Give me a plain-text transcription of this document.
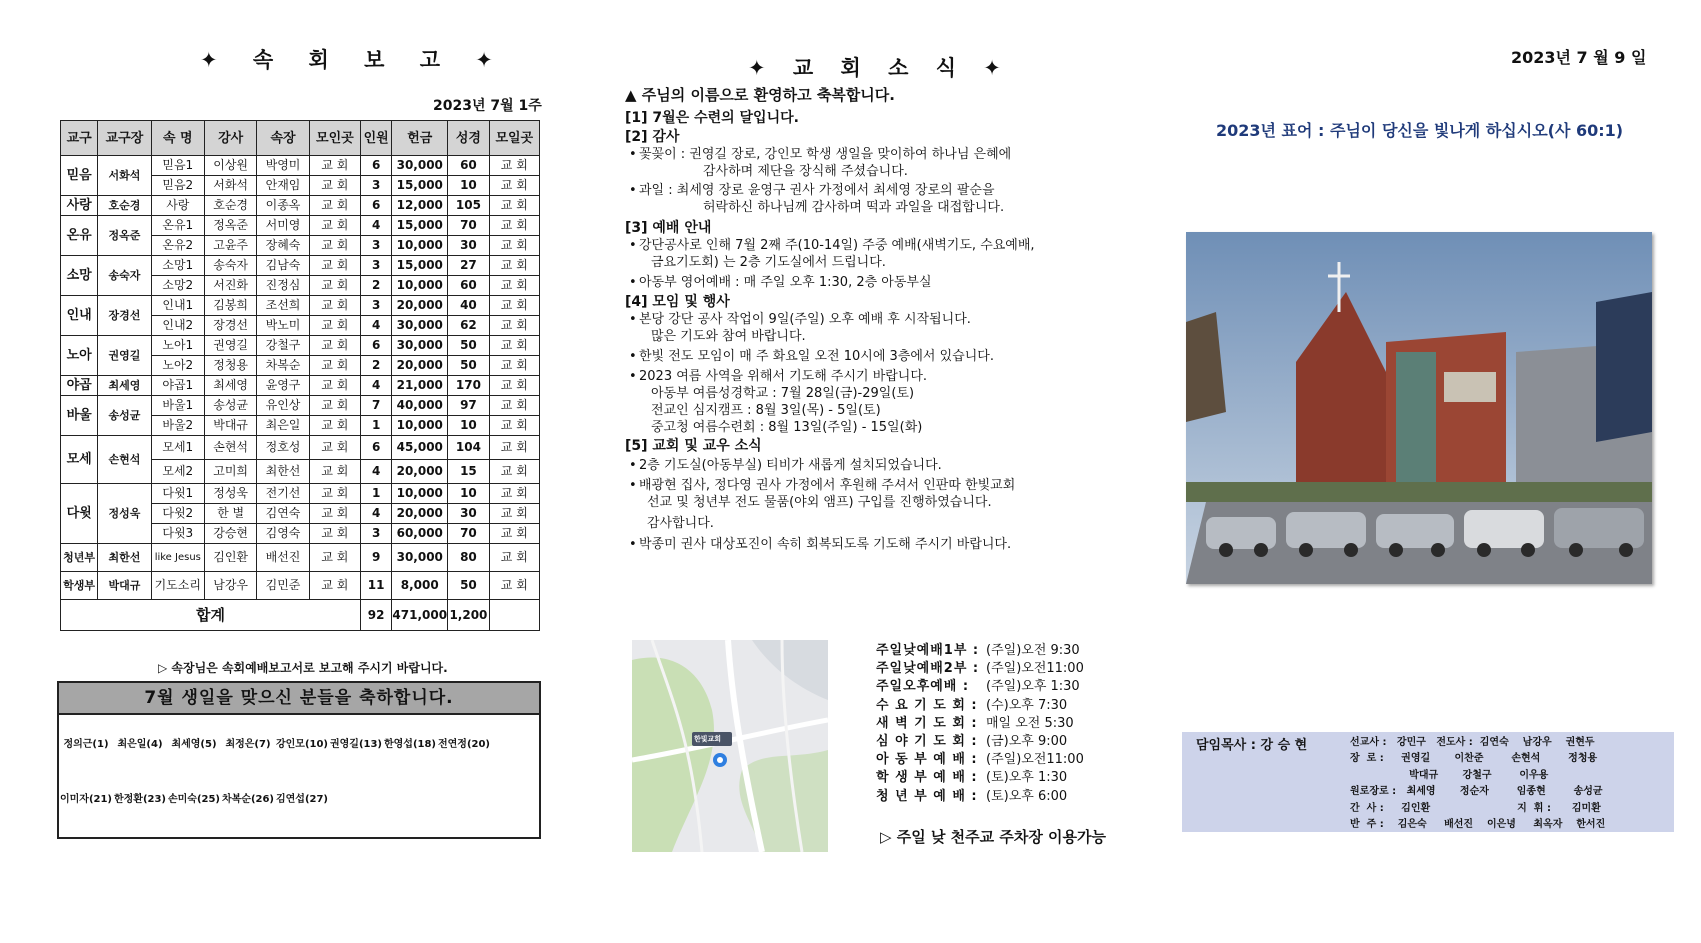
✦ 속 회 보 고 ✦
2023년 7월 1주
교구	교구장	속 명	강사	속장	모인곳	인원	헌금	성경	모일곳
믿음	서화석	믿음1	이상원	박영미	교 회	6	30,000	60	교 회
		믿음2	서화석	안재임	교 회	3	15,000	10	교 회
사랑	호순경	사랑	호순경	이종옥	교 회	6	12,000	105	교 회
온유	정옥준	온유1	정옥준	서미영	교 회	4	15,000	70	교 회
		온유2	고윤주	장혜숙	교 회	3	10,000	30	교 회
소망	송숙자	소망1	송숙자	김남숙	교 회	3	15,000	27	교 회
		소망2	서진화	진정심	교 회	2	10,000	60	교 회
인내	장경선	인내1	김봉희	조선희	교 회	3	20,000	40	교 회
		인내2	장경선	박노미	교 회	4	30,000	62	교 회
노아	권영길	노아1	권영길	강철구	교 회	6	30,000	50	교 회
		노아2	정청용	차복순	교 회	2	20,000	50	교 회
야곱	최세영	야곱1	최세영	윤영구	교 회	4	21,000	170	교 회
바울	송성균	바울1	송성균	유인상	교 회	7	40,000	97	교 회
		바울2	박대규	최은일	교 회	1	10,000	10	교 회
모세	손현석	모세1	손현석	정호성	교 회	6	45,000	104	교 회
		모세2	고미희	최한선	교 회	4	20,000	15	교 회
다윗	정성욱	다윗1	정성욱	전기선	교 회	1	10,000	10	교 회
		다윗2	한 별	김연숙	교 회	4	20,000	30	교 회
		다윗3	강승현	김영숙	교 회	3	60,000	70	교 회
청년부	최한선	like Jesus	김인환	배선진	교 회	9	30,000	80	교 회
학생부	박대규	기도소리	남강우	김민준	교 회	11	8,000	50	교 회
합계						92	471,000	1,200	
▷ 속장님은 속회예배보고서로 보고해 주시기 바랍니다.
7월 생일을 맞으신 분들을 축하합니다.
정의근(1) 최은일(4) 최세영(5) 최정은(7) 강인모(10) 권영길(13) 한영섭(18) 전연정(20)
이미자(21) 한정환(23) 손미숙(25) 차복순(26) 김연섭(27)
✦ 교 회 소 식 ✦
▲ 주님의 이름으로 환영하고 축복합니다.
[1] 7월은 수련의 달입니다.
[2] 감사
• 꽃꽂이 : 권영길 장로, 강인모 학생 생일을 맞이하여 하나님 은혜에
감사하며 제단을 장식해 주셨습니다.
• 과일 : 최세영 장로 윤영구 권사 가정에서 최세영 장로의 팔순을
허락하신 하나님께 감사하며 떡과 과일을 대접합니다.
[3] 예배 안내
• 강단공사로 인해 7월 2째 주(10-14일) 주중 예배(새벽기도, 수요예배,
금요기도회) 는 2층 기도실에서 드립니다.
• 아동부 영어예배 : 매 주일 오후 1:30, 2층 아동부실
[4] 모임 및 행사
• 본당 강단 공사 작업이 9일(주일) 오후 예배 후 시작됩니다.
많은 기도와 참여 바랍니다.
• 한빛 전도 모임이 매 주 화요일 오전 10시에 3층에서 있습니다.
• 2023 여름 사역을 위해서 기도해 주시기 바랍니다.
아동부 여름성경학교 : 7월 28일(금)-29일(토)
전교인 심지캠프 : 8월 3일(목) - 5일(토)
중고청 여름수련회 : 8월 13일(주일) - 15일(화)
[5] 교회 및 교우 소식
• 2층 기도실(아동부실) 티비가 새롭게 설치되었습니다.
• 배광현 집사, 정다영 권사 가정에서 후원해 주셔서 인판따 한빛교회
선교 및 청년부 전도 물품(야외 앰프) 구입를 진행하였습니다.
감사합니다.
• 박종미 권사 대상포진이 속히 회복되도록 기도해 주시기 바랍니다.
한빛교회
주일낮예배1부 : (주일)오전 9:30
주일낮예배2부 : (주일)오전11:00
주일오후예배 :	(주일)오후 1:30
수 요 기 도 회 : (수)오후 7:30
새 벽 기 도 회 : 매일 오전 5:30
심 야 기 도 회 : (금)오후 9:00
아 동 부 예 배 : (주일)오전11:00
학 생 부 예 배 : (토)오후 1:30
청 년 부 예 배 : (토)오후 6:00
▷ 주일 낮 천주교 주차장 이용가능
2023년 7 월 9 일
2023년 표어 : 주님이 당신을 빛나게 하십시오(사 60:1)
담임목사 : 강 승 현	선교사 :   강민구   전도사 :  김연숙    남강우    권현두
장  로 :     권영길       이찬준        손현석        정청용
박대규       강철구        이우용
원로장로 :   최세영       정순자        임종현        송성균
간  사 :     김인환                         지  휘 :      김미환
반  주 :    김은숙     배선진    이은녕     최옥자    한서진
